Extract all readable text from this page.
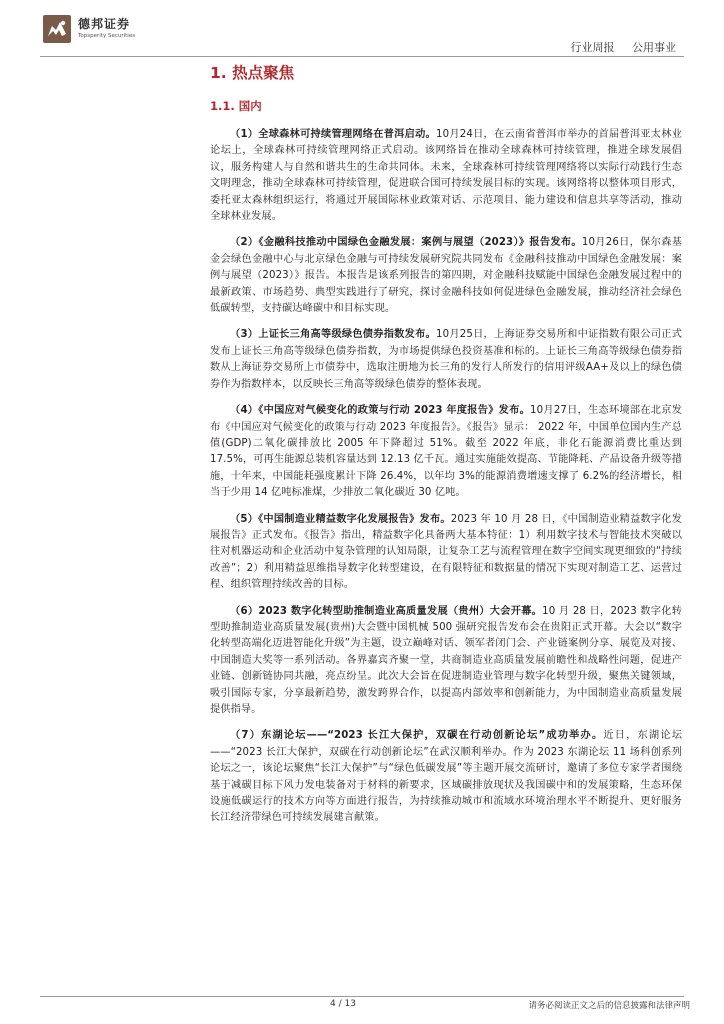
德邦证券
Topsperity Securities
行业周报 公用事业
1. 热点聚焦
1.1. 国内

（1）全球森林可持续管理网络在普洱启动。10月24日，在云南省普洱市举办的首届普洱亚太林业论坛上，全球森林可持续管理网络正式启动。该网络旨在推动全球森林可持续管理，推进全球发展倡议，服务构建人与自然和谐共生的生命共同体。未来，全球森林可持续管理网络将以实际行动践行生态文明理念，推动全球森林可持续管理，促进联合国可持续发展目标的实现。该网络将以整体项目形式，委托亚太森林组织运行，将通过开展国际林业政策对话、示范项目、能力建设和信息共享等活动，推动全球林业发展。

（2）《金融科技推动中国绿色金融发展：案例与展望（2023）》报告发布。10月26日，保尔森基金会绿色金融中心与北京绿色金融与可持续发展研究院共同发布《金融科技推动中国绿色金融发展：案例与展望（2023）》报告。本报告是该系列报告的第四期，对金融科技赋能中国绿色金融发展过程中的最新政策、市场趋势、典型实践进行了研究，探讨金融科技如何促进绿色金融发展，推动经济社会绿色低碳转型，支持碳达峰碳中和目标实现。

（3）上证长三角高等级绿色债券指数发布。10月25日，上海证券交易所和中证指数有限公司正式发布上证长三角高等级绿色债券指数，为市场提供绿色投资基准和标的。上证长三角高等级绿色债券指数从上海证券交易所上市债券中，选取注册地为长三角的发行人所发行的信用评级AA+及以上的绿色债券作为指数样本，以反映长三角高等级绿色债券的整体表现。

（4）《中国应对气候变化的政策与行动 2023 年度报告》发布。10月27日，生态环境部在北京发布《中国应对气候变化的政策与行动 2023 年度报告》。《报告》显示： 2022 年，中国单位国内生产总值(GDP)二氧化碳排放比 2005 年下降超过 51%。截至 2022 年底，非化石能源消费比重达到 17.5%，可再生能源总装机容量达到 12.13 亿千瓦。通过实施能效提高、节能降耗、产品设备升级等措施，十年来，中国能耗强度累计下降 26.4%，以年均 3%的能源消费增速支撑了 6.2%的经济增长，相当于少用 14 亿吨标准煤，少排放二氧化碳近 30 亿吨。

（5）《中国制造业精益数字化发展报告》发布。2023 年 10 月 28 日，《中国制造业精益数字化发展报告》正式发布。《报告》指出，精益数字化具备两大基本特征：1）利用数字技术与智能技术突破以往对机器运动和企业活动中复杂管理的认知局限，让复杂工艺与流程管理在数字空间实现更细致的“持续改善”；2）利用精益思维指导数字化转型建设，在有限特征和数据量的情况下实现对制造工艺、运营过程、组织管理持续改善的目标。

（6）2023 数字化转型助推制造业高质量发展（贵州）大会开幕。10 月 28 日，2023 数字化转型助推制造业高质量发展(贵州)大会暨中国机械 500 强研究报告发布会在贵阳正式开幕。大会以“数字化转型高端化迈进智能化升级”为主题，设立巅峰对话、领军者闭门会、产业链案例分享、展览及对接、中国制造大奖等一系列活动。各界嘉宾齐聚一堂，共商制造业高质量发展前瞻性和战略性问题，促进产业链、创新链协同共融，亮点纷呈。此次大会旨在促进制造业管理与数字化转型升级，聚焦关键领域，吸引国际专家，分享最新趋势，激发跨界合作，以提高内部效率和创新能力，为中国制造业高质量发展提供指导。

（7）东湖论坛——“2023 长江大保护，双碳在行动创新论坛”成功举办。近日，东湖论坛——“2023 长江大保护，双碳在行动创新论坛”在武汉顺利举办。作为 2023 东湖论坛 11 场科创系列论坛之一，该论坛聚焦“长江大保护”与“绿色低碳发展”等主题开展交流研讨，邀请了多位专家学者围绕基于减碳目标下风力发电装备对于材料的新要求，区域碳排放现状及我国碳中和的发展策略，生态环保设施低碳运行的技术方向等方面进行报告，为持续推动城市和流域水环境治理水平不断提升、更好服务长江经济带绿色可持续发展建言献策。

4 / 13	请务必阅读正文之后的信息披露和法律声明
